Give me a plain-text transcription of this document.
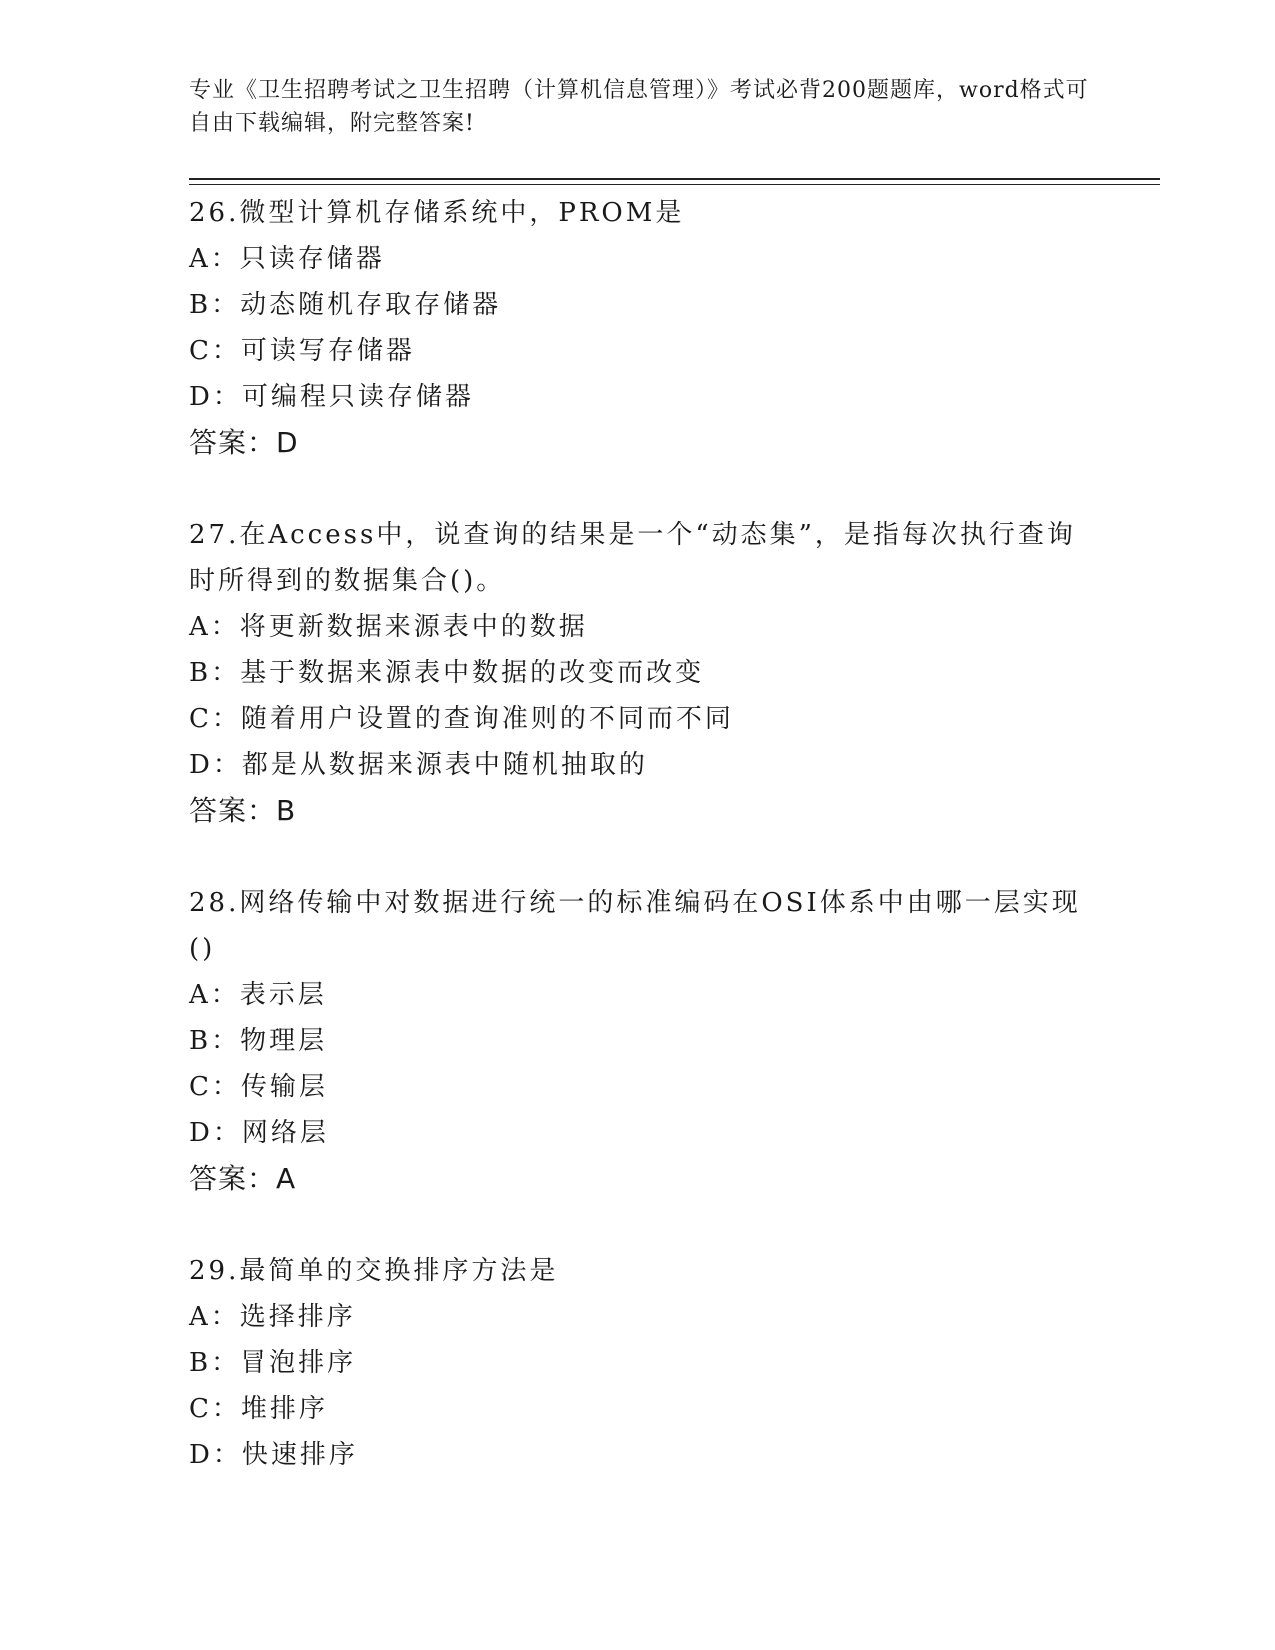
专业《卫生招聘考试之卫生招聘（计算机信息管理）》考试必背200题题库，word格式可自由下载编辑，附完整答案!

26.微型计算机存储系统中，PROM是

A：只读存储器

B：动态随机存取存储器

C：可读写存储器

D：可编程只读存储器

答案：D

27.在Access中，说查询的结果是一个“动态集”，是指每次执行查询时所得到的数据集合()。

A：将更新数据来源表中的数据

B：基于数据来源表中数据的改变而改变

C：随着用户设置的查询准则的不同而不同

D：都是从数据来源表中随机抽取的

答案：B

28.网络传输中对数据进行统一的标准编码在OSI体系中由哪一层实现()

A：表示层

B：物理层

C：传输层

D：网络层

答案：A

29.最简单的交换排序方法是

A：选择排序

B：冒泡排序

C：堆排序

D：快速排序
